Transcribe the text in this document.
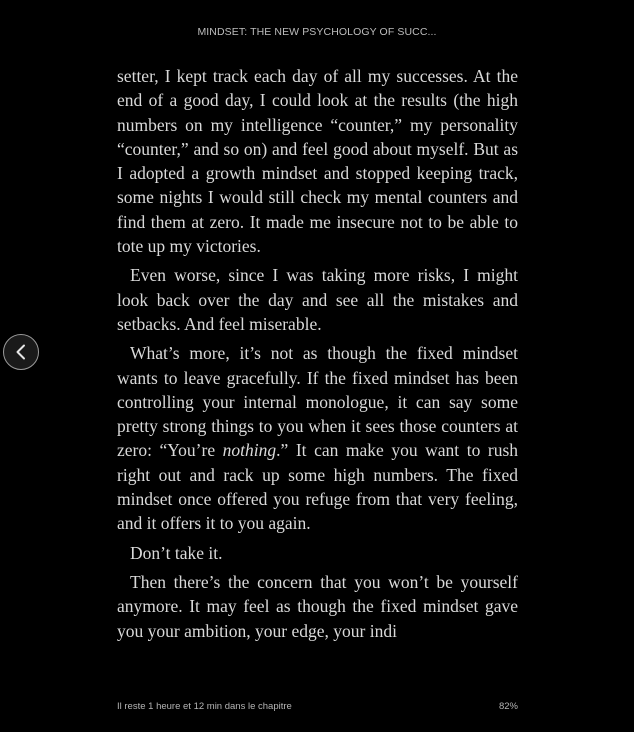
MINDSET: THE NEW PSYCHOLOGY OF SUCC...

setter, I kept track each day of all my successes. At the end of a good day, I could look at the results (the high numbers on my intelligence “counter,” my personality “counter,” and so on) and feel good about myself. But as I adopted a growth mindset and stopped keeping track, some nights I would still check my mental counters and find them at zero. It made me insecure not to be able to tote up my victories.

Even worse, since I was taking more risks, I might look back over the day and see all the mistakes and setbacks. And feel miserable.

What’s more, it’s not as though the fixed mindset wants to leave gracefully. If the fixed mindset has been controlling your internal monologue, it can say some pretty strong things to you when it sees those counters at zero: “You’re nothing.” It can make you want to rush right out and rack up some high numbers. The fixed mindset once offered you refuge from that very feeling, and it offers it to you again.

Don’t take it.

Then there’s the concern that you won’t be yourself anymore. It may feel as though the fixed mindset gave you your ambition, your edge, your indi

Il reste 1 heure et 12 min dans le chapitre	82%
